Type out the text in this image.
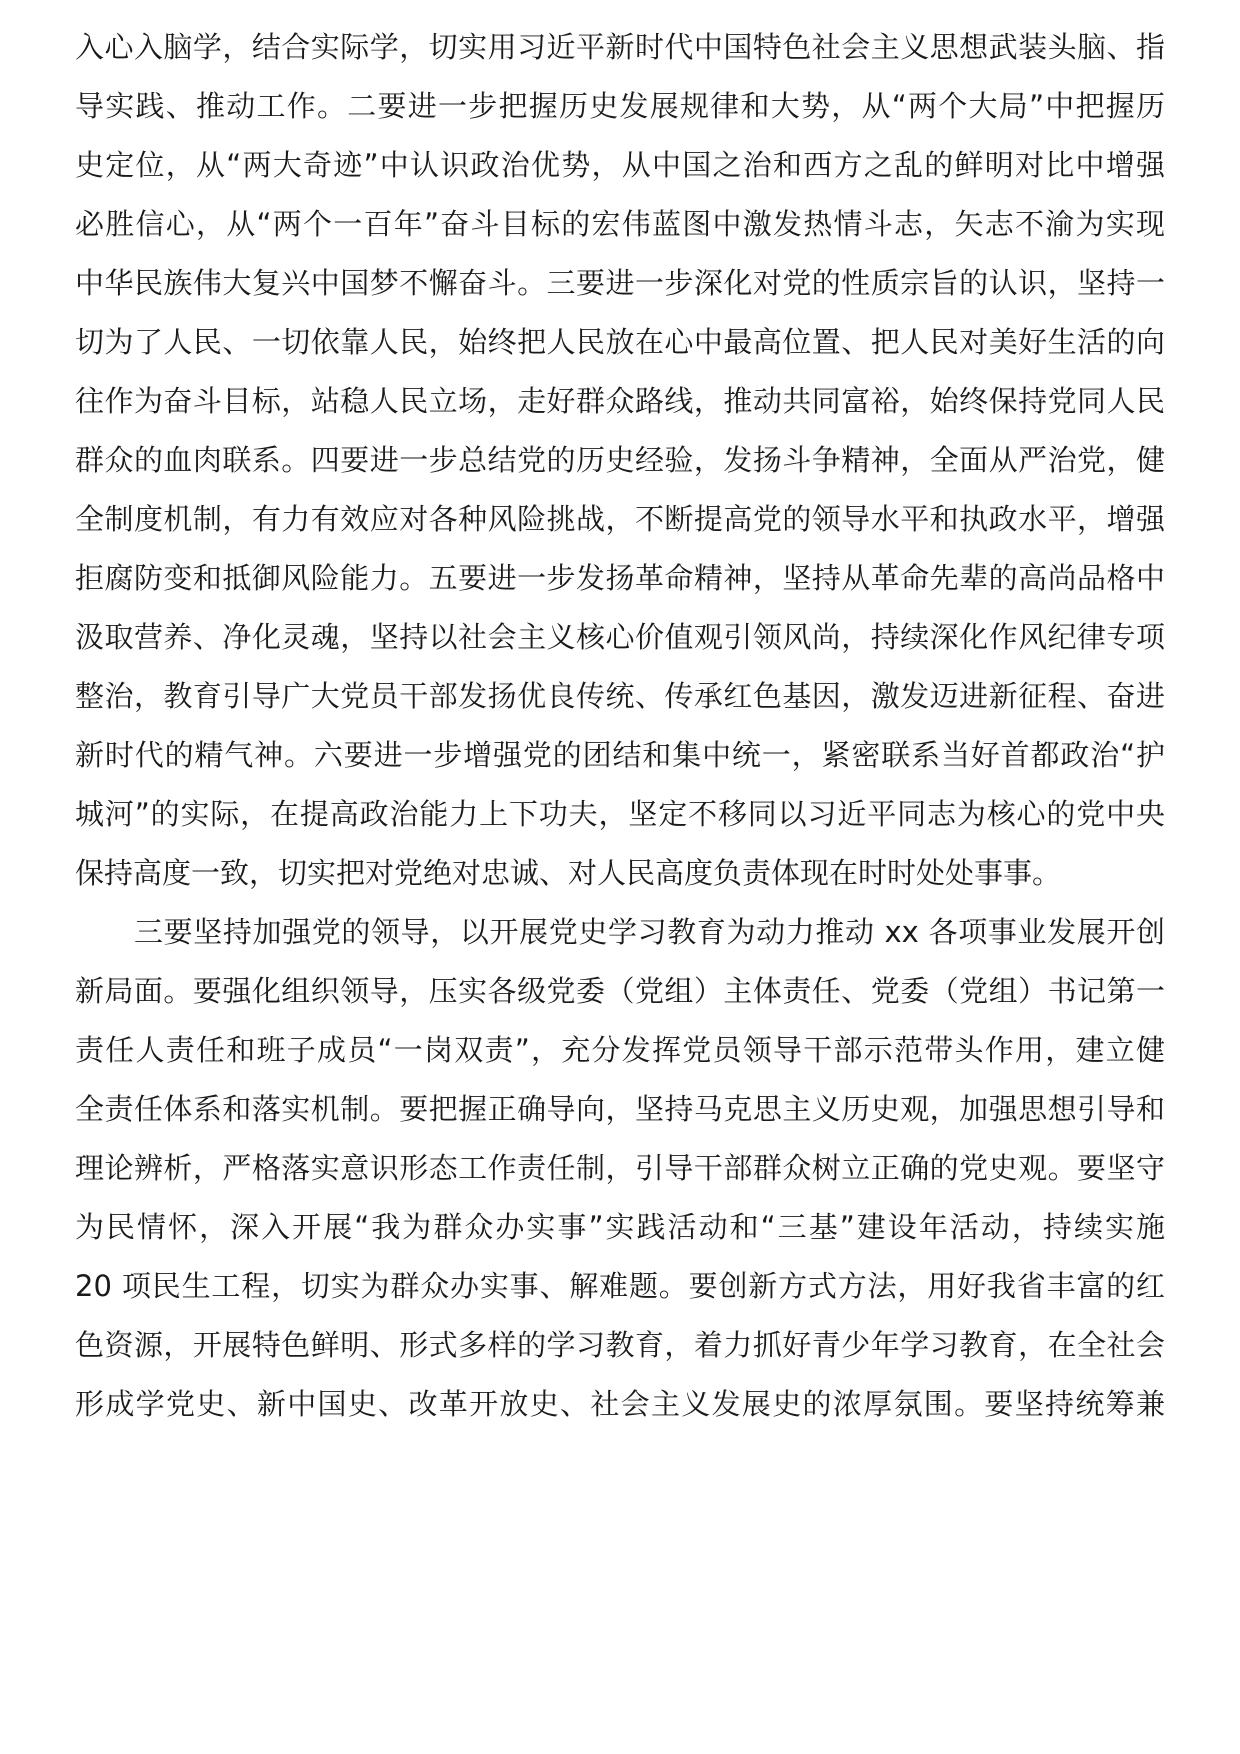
入心入脑学，结合实际学，切实用习近平新时代中国特色社会主义思想武装头脑、指

导实践、推动工作。二要进一步把握历史发展规律和大势，从“两个大局”中把握历

史定位，从“两大奇迹”中认识政治优势，从中国之治和西方之乱的鲜明对比中增强

必胜信心，从“两个一百年”奋斗目标的宏伟蓝图中激发热情斗志，矢志不渝为实现

中华民族伟大复兴中国梦不懈奋斗。三要进一步深化对党的性质宗旨的认识，坚持一

切为了人民、一切依靠人民，始终把人民放在心中最高位置、把人民对美好生活的向

往作为奋斗目标，站稳人民立场，走好群众路线，推动共同富裕，始终保持党同人民

群众的血肉联系。四要进一步总结党的历史经验，发扬斗争精神，全面从严治党，健

全制度机制，有力有效应对各种风险挑战，不断提高党的领导水平和执政水平，增强

拒腐防变和抵御风险能力。五要进一步发扬革命精神，坚持从革命先辈的高尚品格中

汲取营养、净化灵魂，坚持以社会主义核心价值观引领风尚，持续深化作风纪律专项

整治，教育引导广大党员干部发扬优良传统、传承红色基因，激发迈进新征程、奋进

新时代的精气神。六要进一步增强党的团结和集中统一，紧密联系当好首都政治“护

城河”的实际，在提高政治能力上下功夫，坚定不移同以习近平同志为核心的党中央

保持高度一致，切实把对党绝对忠诚、对人民高度负责体现在时时处处事事。

三要坚持加强党的领导，以开展党史学习教育为动力推动 xx 各项事业发展开创

新局面。要强化组织领导，压实各级党委（党组）主体责任、党委（党组）书记第一

责任人责任和班子成员“一岗双责”，充分发挥党员领导干部示范带头作用，建立健

全责任体系和落实机制。要把握正确导向，坚持马克思主义历史观，加强思想引导和

理论辨析，严格落实意识形态工作责任制，引导干部群众树立正确的党史观。要坚守

为民情怀，深入开展“我为群众办实事”实践活动和“三基”建设年活动，持续实施

20 项民生工程，切实为群众办实事、解难题。要创新方式方法，用好我省丰富的红

色资源，开展特色鲜明、形式多样的学习教育，着力抓好青少年学习教育，在全社会

形成学党史、新中国史、改革开放史、社会主义发展史的浓厚氛围。要坚持统筹兼
